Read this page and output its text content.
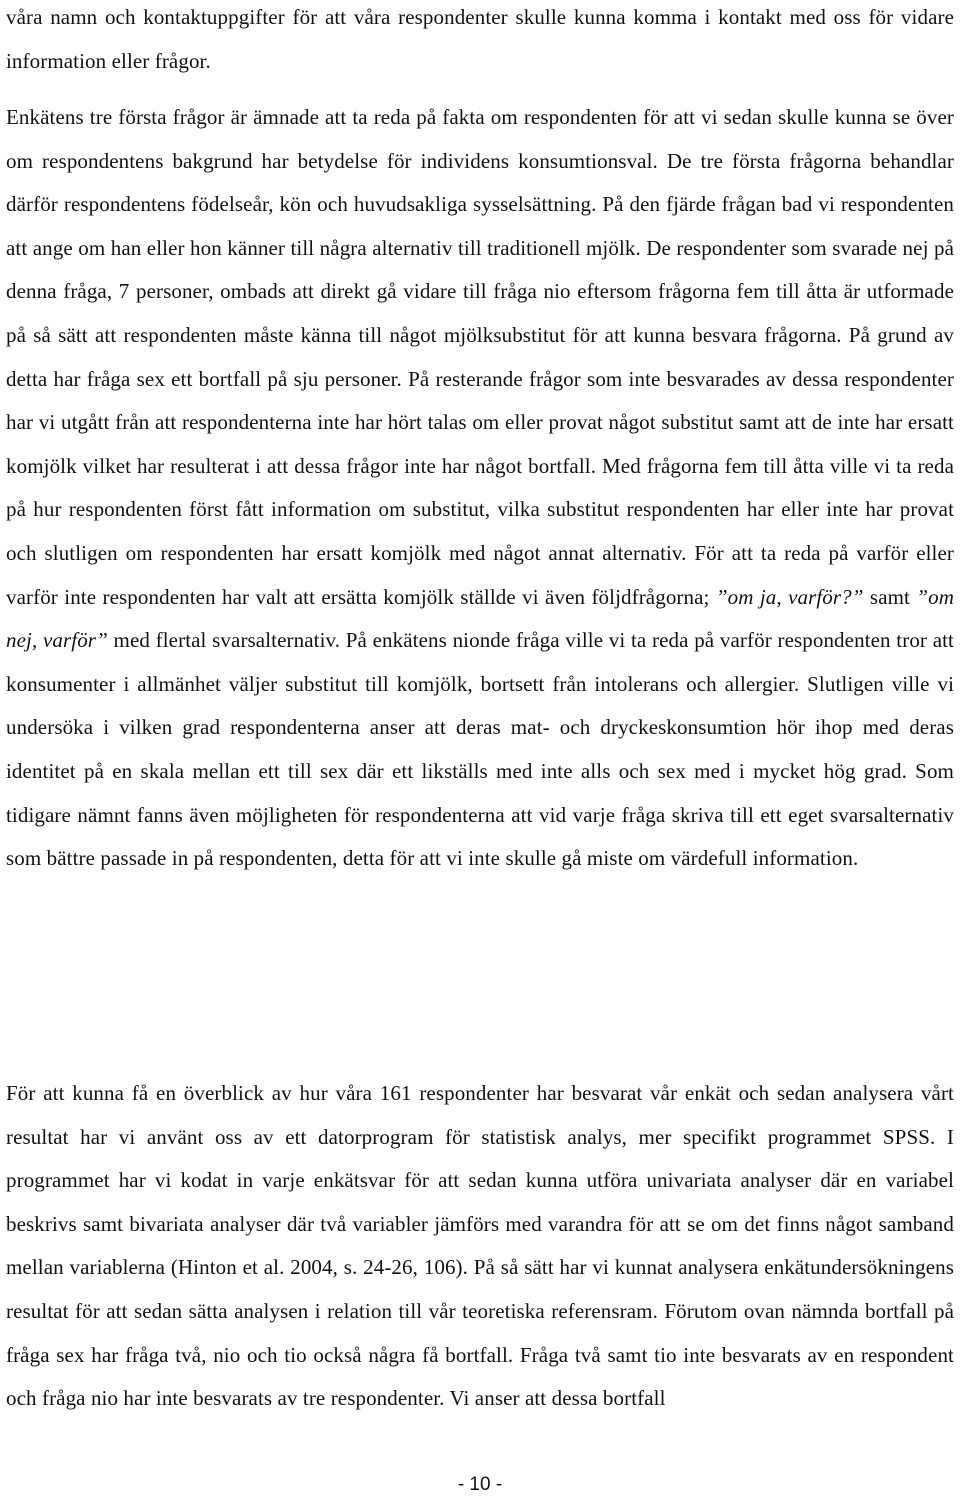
våra namn och kontaktuppgifter för att våra respondenter skulle kunna komma i kontakt med oss för vidare information eller frågor.

Enkätens tre första frågor är ämnade att ta reda på fakta om respondenten för att vi sedan skulle kunna se över om respondentens bakgrund har betydelse för individens konsumtionsval. De tre första frågorna behandlar därför respondentens födelseår, kön och huvudsakliga sysselsättning. På den fjärde frågan bad vi respondenten att ange om han eller hon känner till några alternativ till traditionell mjölk. De respondenter som svarade nej på denna fråga, 7 personer, ombads att direkt gå vidare till fråga nio eftersom frågorna fem till åtta är utformade på så sätt att respondenten måste känna till något mjölksubstitut för att kunna besvara frågorna. På grund av detta har fråga sex ett bortfall på sju personer. På resterande frågor som inte besvarades av dessa respondenter har vi utgått från att respondenterna inte har hört talas om eller provat något substitut samt att de inte har ersatt komjölk vilket har resulterat i att dessa frågor inte har något bortfall. Med frågorna fem till åtta ville vi ta reda på hur respondenten först fått information om substitut, vilka substitut respondenten har eller inte har provat och slutligen om respondenten har ersatt komjölk med något annat alternativ. För att ta reda på varför eller varför inte respondenten har valt att ersätta komjölk ställde vi även följdfrågorna; ”om ja, varför?” samt ”om nej, varför” med flertal svarsalternativ. På enkätens nionde fråga ville vi ta reda på varför respondenten tror att konsumenter i allmänhet väljer substitut till komjölk, bortsett från intolerans och allergier. Slutligen ville vi undersöka i vilken grad respondenterna anser att deras mat- och dryckeskonsumtion hör ihop med deras identitet på en skala mellan ett till sex där ett likställs med inte alls och sex med i mycket hög grad. Som tidigare nämnt fanns även möjligheten för respondenterna att vid varje fråga skriva till ett eget svarsalternativ som bättre passade in på respondenten, detta för att vi inte skulle gå miste om värdefull information.

För att kunna få en överblick av hur våra 161 respondenter har besvarat vår enkät och sedan analysera vårt resultat har vi använt oss av ett datorprogram för statistisk analys, mer specifikt programmet SPSS. I programmet har vi kodat in varje enkätsvar för att sedan kunna utföra univariata analyser där en variabel beskrivs samt bivariata analyser där två variabler jämförs med varandra för att se om det finns något samband mellan variablerna (Hinton et al. 2004, s. 24-26, 106). På så sätt har vi kunnat analysera enkätundersökningens resultat för att sedan sätta analysen i relation till vår teoretiska referensram. Förutom ovan nämnda bortfall på fråga sex har fråga två, nio och tio också några få bortfall. Fråga två samt tio inte besvarats av en respondent och fråga nio har inte besvarats av tre respondenter. Vi anser att dessa bortfall

- 10 -
